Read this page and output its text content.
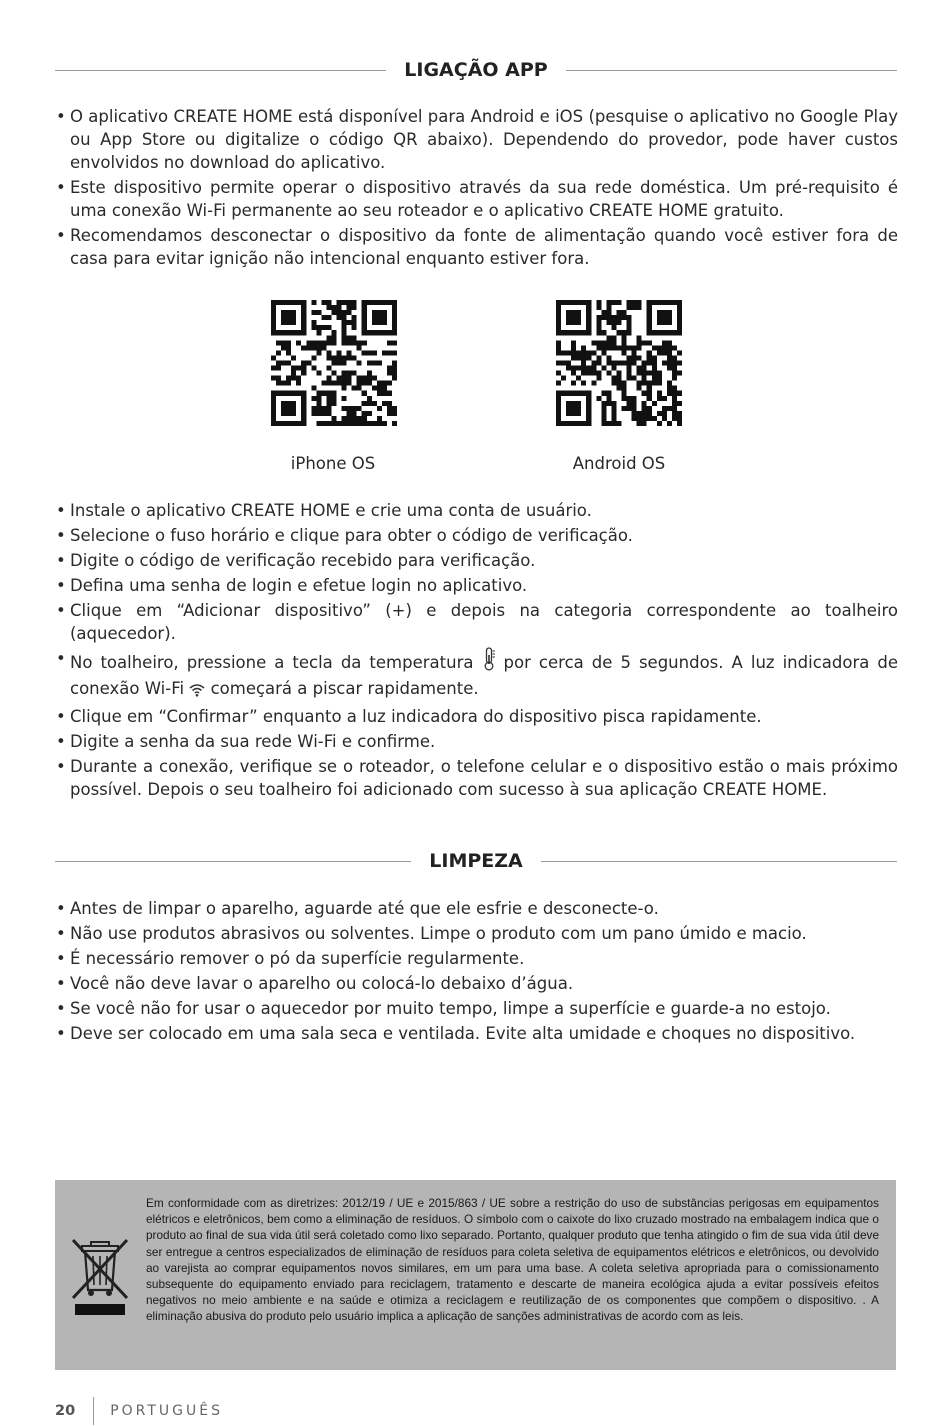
LIGAÇÃO APP
• O aplicativo CREATE HOME está disponível para Android e iOS (pesquise o aplicativo no Google Play ou App Store ou digitalize o código QR abaixo). Dependendo do provedor, pode haver custos envolvidos no download do aplicativo.
• Este dispositivo permite operar o dispositivo através da sua rede doméstica. Um pré-requisito é uma conexão Wi-Fi permanente ao seu roteador e o aplicativo CREATE HOME gratuito.
• Recomendamos desconectar o dispositivo da fonte de alimentação quando você estiver fora de casa para evitar ignição não intencional enquanto estiver fora.
iPhone OS	Android OS
• Instale o aplicativo CREATE HOME e crie uma conta de usuário.
• Selecione o fuso horário e clique para obter o código de verificação.
• Digite o código de verificação recebido para verificação.
• Defina uma senha de login e efetue login no aplicativo.
• Clique em “Adicionar dispositivo” (+) e depois na categoria correspondente ao toalheiro (aquecedor).
• No toalheiro, pressione a tecla da temperatura por cerca de 5 segundos. A luz indicadora de conexão Wi-Fi começará a piscar rapidamente.
• Clique em “Confirmar” enquanto a luz indicadora do dispositivo pisca rapidamente.
• Digite a senha da sua rede Wi-Fi e confirme.
• Durante a conexão, verifique se o roteador, o telefone celular e o dispositivo estão o mais próximo possível. Depois o seu toalheiro foi adicionado com sucesso à sua aplicação CREATE HOME.
LIMPEZA
• Antes de limpar o aparelho, aguarde até que ele esfrie e desconecte-o.
• Não use produtos abrasivos ou solventes. Limpe o produto com um pano úmido e macio.
• É necessário remover o pó da superfície regularmente.
• Você não deve lavar o aparelho ou colocá-lo debaixo d’água.
• Se você não for usar o aquecedor por muito tempo, limpe a superfície e guarde-a no estojo.
• Deve ser colocado em uma sala seca e ventilada. Evite alta umidade e choques no dispositivo.

Em conformidade com as diretrizes: 2012/19 / UE e 2015/863 / UE sobre a restrição do uso de substâncias perigosas em equipamentos elétricos e eletrônicos, bem como a eliminação de resíduos. O símbolo com o caixote do lixo cruzado mostrado na embalagem indica que o produto ao final de sua vida útil será coletado como lixo separado. Portanto, qualquer produto que tenha atingido o fim de sua vida útil deve ser entregue a centros especializados de eliminação de resíduos para coleta seletiva de equipamentos elétricos e eletrônicos, ou devolvido ao varejista ao comprar equipamentos novos similares, em um para uma base. A coleta seletiva apropriada para o comissionamento subsequente do equipamento enviado para reciclagem, tratamento e descarte de maneira ecológica ajuda a evitar possíveis efeitos negativos no meio ambiente e na saúde e otimiza a reciclagem e reutilização de os componentes que compõem o dispositivo. . A eliminação abusiva do produto pelo usuário implica a aplicação de sanções administrativas de acordo com as leis.

20	PORTUGUÊS
